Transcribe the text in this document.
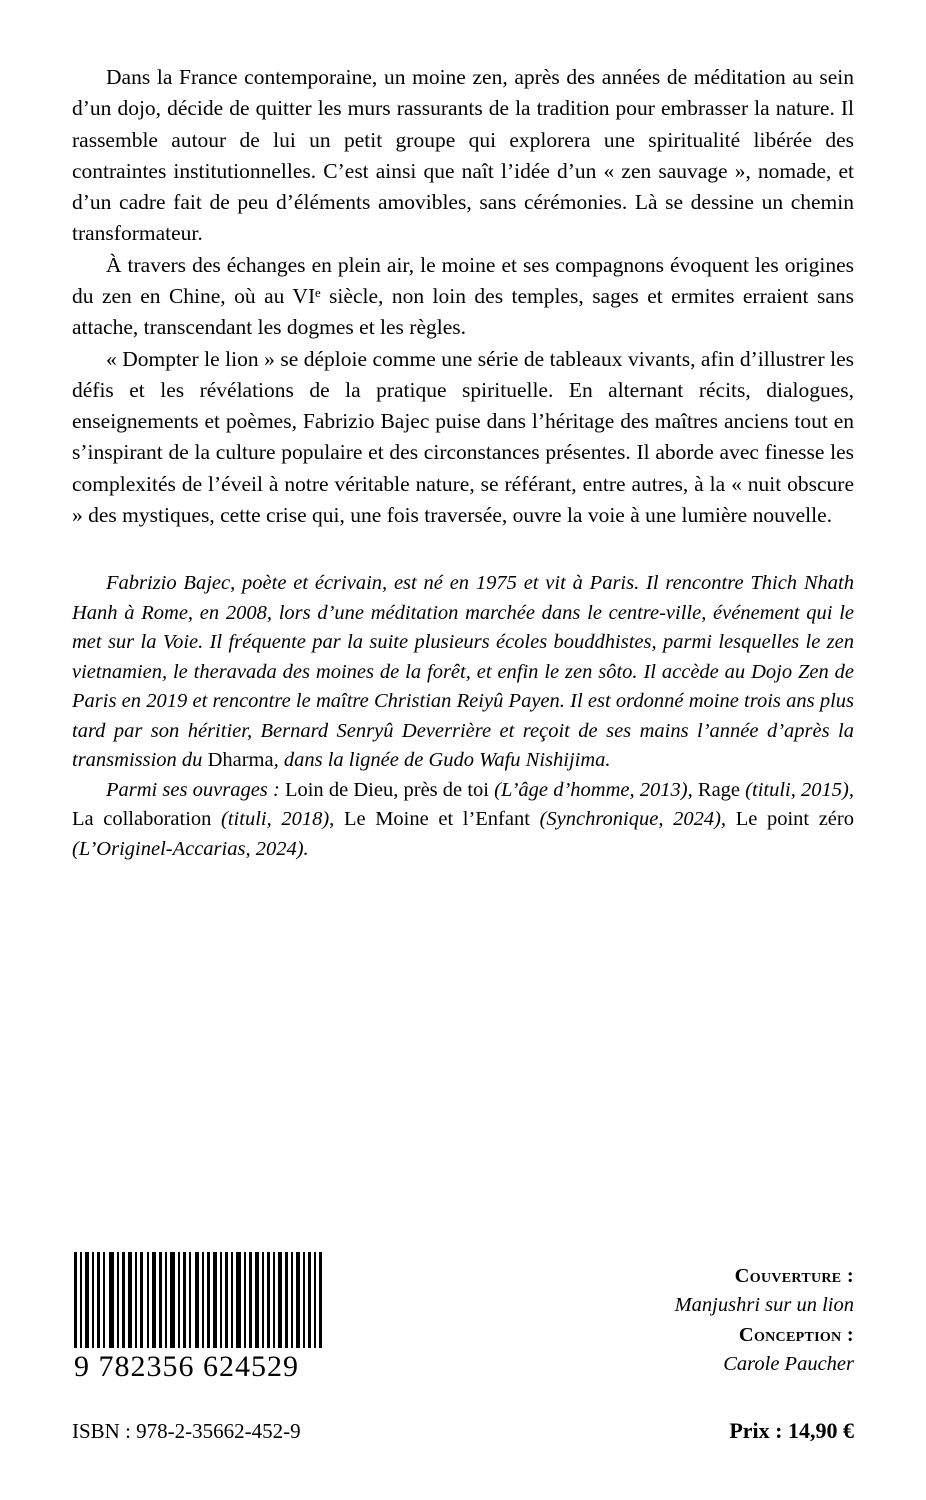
Dans la France contemporaine, un moine zen, après des années de méditation au sein d’un dojo, décide de quitter les murs rassurants de la tradition pour embrasser la nature. Il rassemble autour de lui un petit groupe qui explorera une spiritualité libérée des contraintes institutionnelles. C’est ainsi que naît l’idée d’un « zen sauvage », nomade, et d’un cadre fait de peu d’éléments amovibles, sans cérémonies. Là se dessine un chemin transformateur.

À travers des échanges en plein air, le moine et ses compagnons évoquent les origines du zen en Chine, où au VIᵉ siècle, non loin des temples, sages et ermites erraient sans attache, transcendant les dogmes et les règles.

« Dompter le lion » se déploie comme une série de tableaux vivants, afin d’illustrer les défis et les révélations de la pratique spirituelle. En alternant récits, dialogues, enseignements et poèmes, Fabrizio Bajec puise dans l’héritage des maîtres anciens tout en s’inspirant de la culture populaire et des circonstances présentes. Il aborde avec finesse les complexités de l’éveil à notre véritable nature, se référant, entre autres, à la « nuit obscure » des mystiques, cette crise qui, une fois traversée, ouvre la voie à une lumière nouvelle.

Fabrizio Bajec, poète et écrivain, est né en 1975 et vit à Paris. Il rencontre Thich Nhath Hanh à Rome, en 2008, lors d’une méditation marchée dans le centre-ville, événement qui le met sur la Voie. Il fréquente par la suite plusieurs écoles bouddhistes, parmi lesquelles le zen vietnamien, le theravada des moines de la forêt, et enfin le zen sôto. Il accède au Dojo Zen de Paris en 2019 et rencontre le maître Christian Reiyû Payen. Il est ordonné moine trois ans plus tard par son héritier, Bernard Senryû Deverrière et reçoit de ses mains l’année d’après la transmission du Dharma, dans la lignée de Gudo Wafu Nishijima.

Parmi ses ouvrages : Loin de Dieu, près de toi (L’âge d’homme, 2013), Rage (tituli, 2015), La collaboration (tituli, 2018), Le Moine et l’Enfant (Synchronique, 2024), Le point zéro (L’Originel-Accarias, 2024).

9 782356 624529
Couverture :
Manjushri sur un lion
Conception :
Carole Paucher
ISBN : 978-2-35662-452-9	Prix : 14,90 €
